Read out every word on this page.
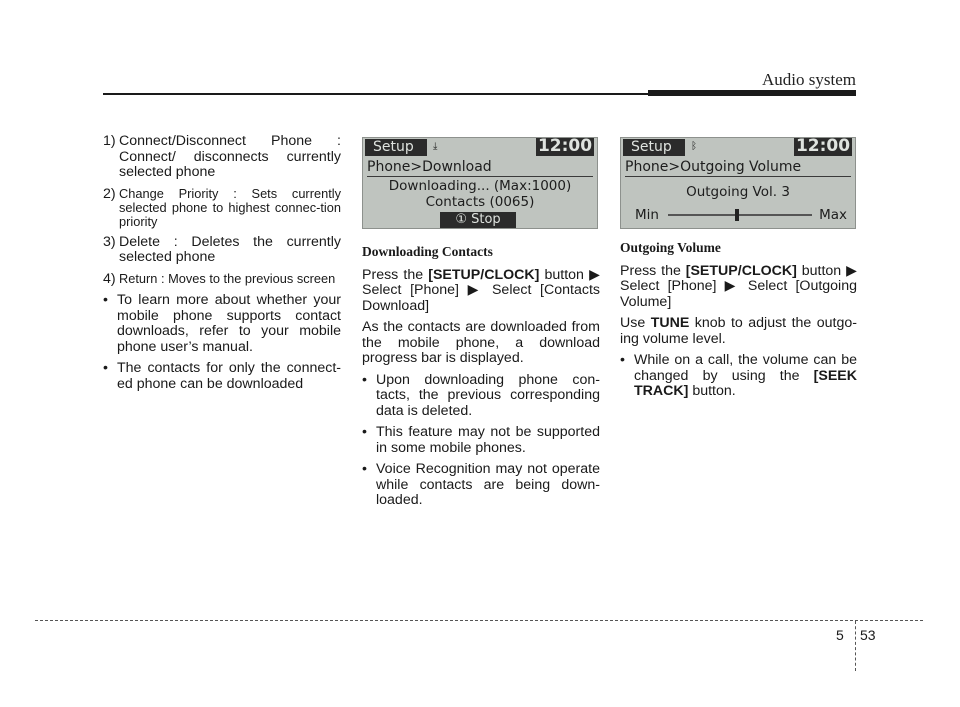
Audio system
1) Connect/Disconnect Phone : Connect/ disconnects currently selected phone
2) Change Priority : Sets currently selected phone to highest connec-tion priority
3) Delete : Deletes the currently selected phone
4) Return : Moves to the previous screen
• To learn more about whether your mobile phone supports contact downloads, refer to your mobile phone user’s manual.
• The contacts for only the connect-ed phone can be downloaded
Setup	⤓	12:00
Phone>Download
Downloading... (Max:1000)
Contacts (0065)
① Stop
Downloading Contacts
Press the [SETUP/CLOCK] button ▶ Select [Phone] ▶ Select [Contacts Download]
As the contacts are downloaded from the mobile phone, a download progress bar is displayed.
• Upon downloading phone con-tacts, the previous corresponding data is deleted.
• This feature may not be supported in some mobile phones.
• Voice Recognition may not operate while contacts are being down-loaded.
Setup	ᛒ	12:00
Phone>Outgoing Volume
Outgoing Vol. 3
Min	Max
Outgoing Volume
Press the [SETUP/CLOCK] button ▶ Select [Phone] ▶ Select [Outgoing Volume]
Use TUNE knob to adjust the outgo-ing volume level.
• While on a call, the volume can be changed by using the [SEEK TRACK] button.
5 53
